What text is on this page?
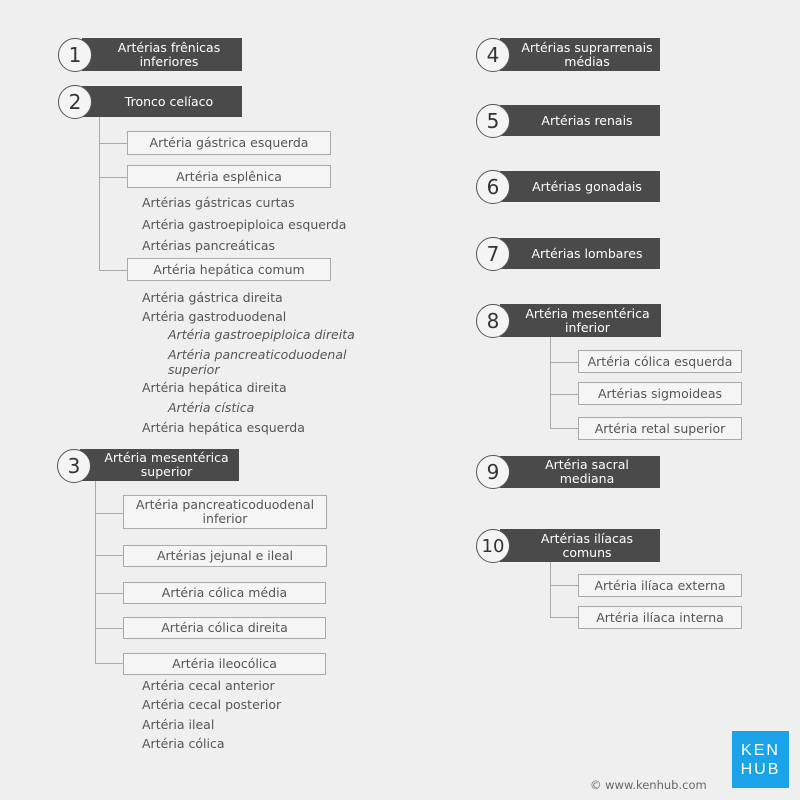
Artérias frênicas inferiores
1
Tronco celíaco
2
Artéria gástrica esquerda
Artéria esplênica
Artérias gástricas curtas
Artéria gastroepiploica esquerda
Artérias pancreáticas
Artéria hepática comum
Artéria gástrica direita
Artéria gastroduodenal
Artéria gastroepiploica direita
Artéria pancreaticoduodenal superior
Artéria hepática direita
Artéria cística
Artéria hepática esquerda
Artéria mesentérica superior
3
Artéria pancreaticoduodenal inferior
Artérias jejunal e ileal
Artéria cólica média
Artéria cólica direita
Artéria ileocólica
Artéria cecal anterior
Artéria cecal posterior
Artéria ileal
Artéria cólica
Artérias suprarrenais médias
4
Artérias renais
5
Artérias gonadais
6
Artérias lombares
7
Artéria mesentérica inferior
8
Artéria cólica esquerda
Artérias sigmoideas
Artéria retal superior
Artéria sacral mediana
9
Artérias ilíacas comuns
10
Artéria ilíaca externa
Artéria ilíaca interna
© www.kenhub.com
KEN
HUB
